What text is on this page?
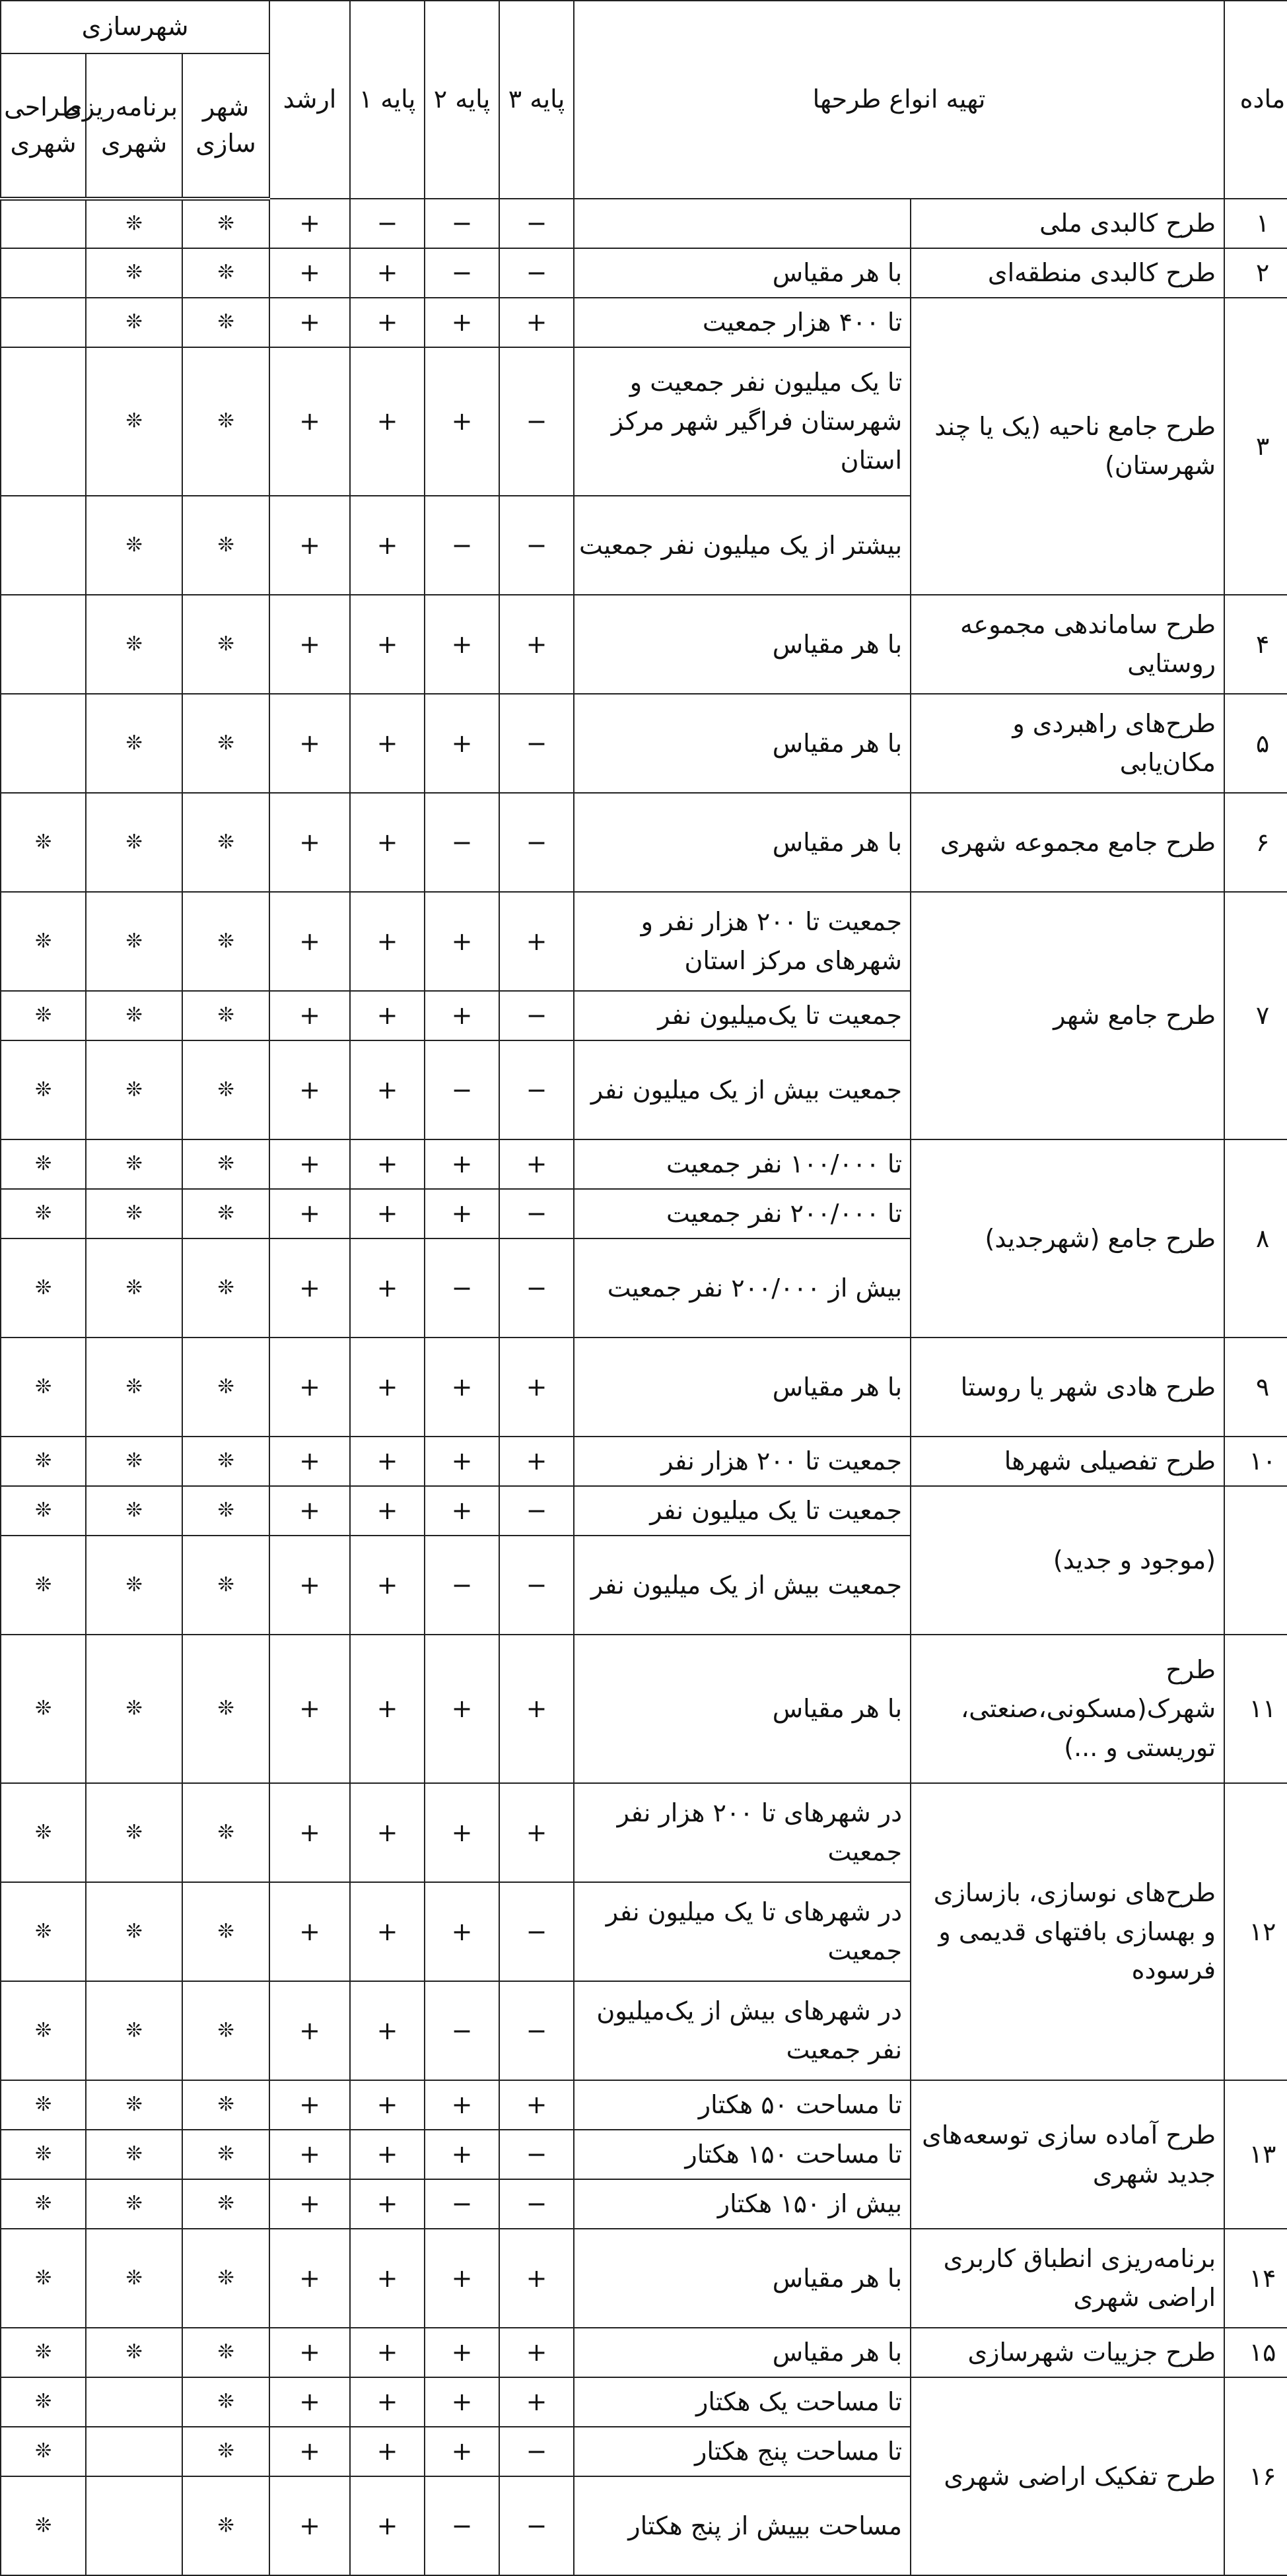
ماده	تهیه انواع طرحها		پایه ۳	پایه ۲	پایه ۱	ارشد	شهرسازی		
							شهر سازی	برنامه‌ریزی شهری	طراحی شهری
۱	طرح کالبدی ملی		−	−	−	+	❊	❊	
۲	طرح کالبدی منطقه‌ای	با هر مقیاس	−	−	+	+	❊	❊	
۳	طرح جامع ناحیه (یک یا چند شهرستان)	تا ۴۰۰ هزار جمعیت	+	+	+	+	❊	❊	
		تا یک میلیون نفر جمعیت و شهرستان فراگیر شهر مرکز استان	−	+	+	+	❊	❊	
		بیشتر از یک میلیون نفر جمعیت	−	−	+	+	❊	❊	
۴	طرح ساماندهی مجموعه روستایی	با هر مقیاس	+	+	+	+	❊	❊	
۵	طرح‌های راهبردی و مکان‌یابی	با هر مقیاس	−	+	+	+	❊	❊	
۶	طرح جامع مجموعه شهری	با هر مقیاس	−	−	+	+	❊	❊	❊
۷	طرح جامع شهر	جمعیت تا ۲۰۰ هزار نفر و شهرهای مرکز استان	+	+	+	+	❊	❊	❊
		جمعیت تا یک‌میلیون نفر	−	+	+	+	❊	❊	❊
		جمعیت بیش از یک میلیون نفر	−	−	+	+	❊	❊	❊
۸	طرح جامع (شهرجدید)	تا ۱۰۰/۰۰۰ نفر جمعیت	+	+	+	+	❊	❊	❊
		تا ۲۰۰/۰۰۰ نفر جمعیت	−	+	+	+	❊	❊	❊
		بیش از ۲۰۰/۰۰۰ نفر جمعیت	−	−	+	+	❊	❊	❊
۹	طرح هادی شهر یا روستا	با هر مقیاس	+	+	+	+	❊	❊	❊
۱۰	طرح تفصیلی شهرها	جمعیت تا ۲۰۰ هزار نفر	+	+	+	+	❊	❊	❊
	(موجود و جدید)	جمعیت تا یک میلیون نفر	−	+	+	+	❊	❊	❊
		جمعیت بیش از یک میلیون نفر	−	−	+	+	❊	❊	❊
۱۱	طرح شهرک(مسکونی،صنعتی، توریستی و ...)	با هر مقیاس	+	+	+	+	❊	❊	❊
۱۲	طرح‌های نوسازی، بازسازی و بهسازی بافتهای قدیمی و فرسوده	در شهرهای تا ۲۰۰ هزار نفر جمعیت	+	+	+	+	❊	❊	❊
		در شهرهای تا یک میلیون نفر جمعیت	−	+	+	+	❊	❊	❊
		در شهرهای بیش از یک‌میلیون نفر جمعیت	−	−	+	+	❊	❊	❊
۱۳	طرح آماده سازی توسعه‌های جدید شهری	تا مساحت ۵۰ هکتار	+	+	+	+	❊	❊	❊
		تا مساحت ۱۵۰ هکتار	−	+	+	+	❊	❊	❊
		بیش از ۱۵۰ هکتار	−	−	+	+	❊	❊	❊
۱۴	برنامه‌ریزی انطباق کاربری اراضی شهری	با هر مقیاس	+	+	+	+	❊	❊	❊
۱۵	طرح جزییات شهرسازی	با هر مقیاس	+	+	+	+	❊	❊	❊
۱۶	طرح تفکیک اراضی شهری	تا مساحت یک هکتار	+	+	+	+	❊		❊
		تا مساحت پنج هکتار	−	+	+	+	❊		❊
		مساحت بییش از پنج هکتار	−	−	+	+	❊		❊
